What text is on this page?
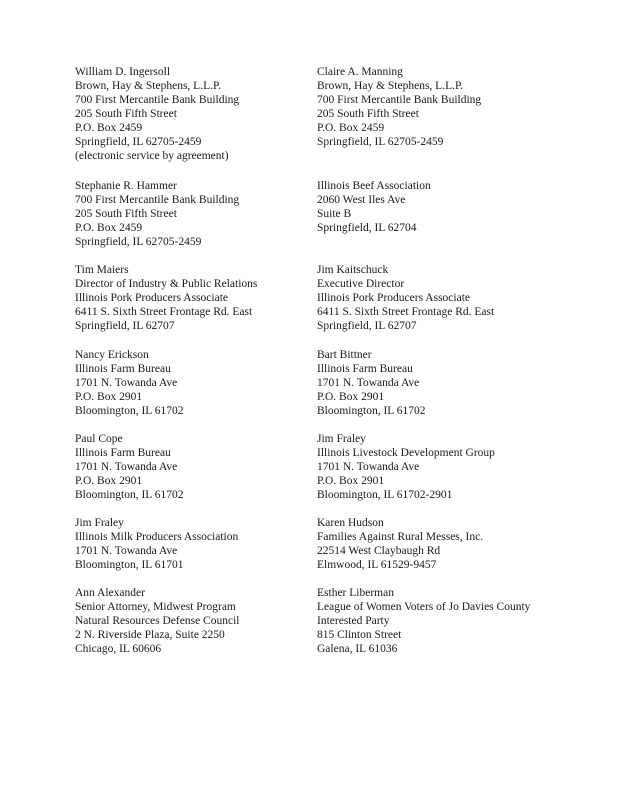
William D. Ingersoll
Brown, Hay & Stephens, L.L.P.
700 First Mercantile Bank Building
205 South Fifth Street
P.O. Box 2459
Springfield, IL 62705-2459
(electronic service by agreement)
Stephanie R. Hammer
700 First Mercantile Bank Building
205 South Fifth Street
P.O. Box 2459
Springfield, IL 62705-2459
Tim Maiers
Director of Industry & Public Relations
Illinois Pork Producers Associate
6411 S. Sixth Street Frontage Rd. East
Springfield, IL 62707
Nancy Erickson
Illinois Farm Bureau
1701 N. Towanda Ave
P.O. Box 2901
Bloomington, IL 61702
Paul Cope
Illinois Farm Bureau
1701 N. Towanda Ave
P.O. Box 2901
Bloomington, IL 61702
Jim Fraley
Illinois Milk Producers Association
1701 N. Towanda Ave
Bloomington, IL 61701
Ann Alexander
Senior Attorney, Midwest Program
Natural Resources Defense Council
2 N. Riverside Plaza, Suite 2250
Chicago, IL 60606
Claire A. Manning
Brown, Hay & Stephens, L.L.P.
700 First Mercantile Bank Building
205 South Fifth Street
P.O. Box 2459
Springfield, IL 62705-2459
Illinois Beef Association
2060 West Iles Ave
Suite B
Springfield, IL 62704
Jim Kaitschuck
Executive Director
Illinois Pork Producers Associate
6411 S. Sixth Street Frontage Rd. East
Springfield, IL 62707
Bart Bittner
Illinois Farm Bureau
1701 N. Towanda Ave
P.O. Box 2901
Bloomington, IL 61702
Jim Fraley
Illinois Livestock Development Group
1701 N. Towanda Ave
P.O. Box 2901
Bloomington, IL 61702-2901
Karen Hudson
Families Against Rural Messes, Inc.
22514 West Claybaugh Rd
Elmwood, IL 61529-9457
Esther Liberman
League of Women Voters of Jo Davies County
Interested Party
815 Clinton Street
Galena, IL 61036
